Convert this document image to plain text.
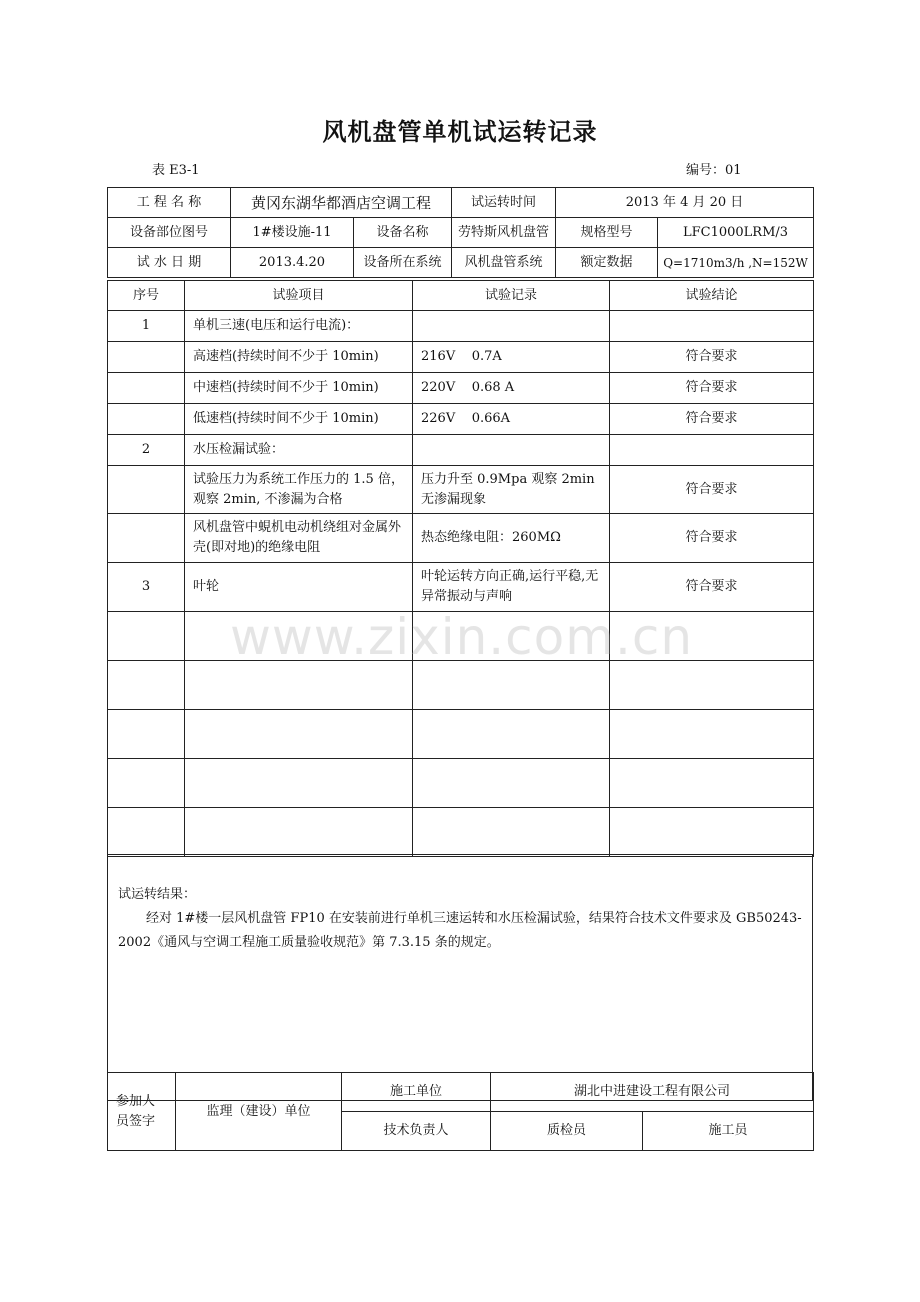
风机盘管单机试运转记录
表 E3-1	编号：01
工 程 名 称	黄冈东湖华都酒店空调工程		试运转时间	2013 年 4 月 20 日	
设备部位图号	1#楼设施-11	设备名称	劳特斯风机盘管	规格型号	LFC1000LRM/3
试 水 日 期	2013.4.20	设备所在系统	风机盘管系统	额定数据	Q=1710m3/h ,N=152W
序号	试验项目	试验记录	试验结论
1	单机三速(电压和运行电流)：		
	高速档(持续时间不少于 10min)	216V    0.7A	符合要求
	中速档(持续时间不少于 10min)	220V    0.68 A	符合要求
	低速档(持续时间不少于 10min)	226V    0.66A	符合要求
2	水压检漏试验：		
	试验压力为系统工作压力的 1.5 倍，观察 2min, 不渗漏为合格	压力升至 0.9Mpa 观察 2min 无渗漏现象	符合要求
	风机盘管中蜆机电动机绕组对金属外壳(即对地)的绝缘电阻	热态绝缘电阻：260MΩ	符合要求
3	叶轮	叶轮运转方向正确,运行平稳,无异常振动与声响	符合要求

www.zixin.com.cn
试运转结果：
经对 1#楼一层风机盘管 FP10 在安装前进行单机三速运转和水压检漏试验，结果符合技术文件要求及 GB50243-2002《通风与空调工程施工质量验收规范》第 7.3.15 条的规定。
参加人员签字	监理（建设）单位	施工单位	湖北中进建设工程有限公司	
		技术负责人	质检员	施工员
